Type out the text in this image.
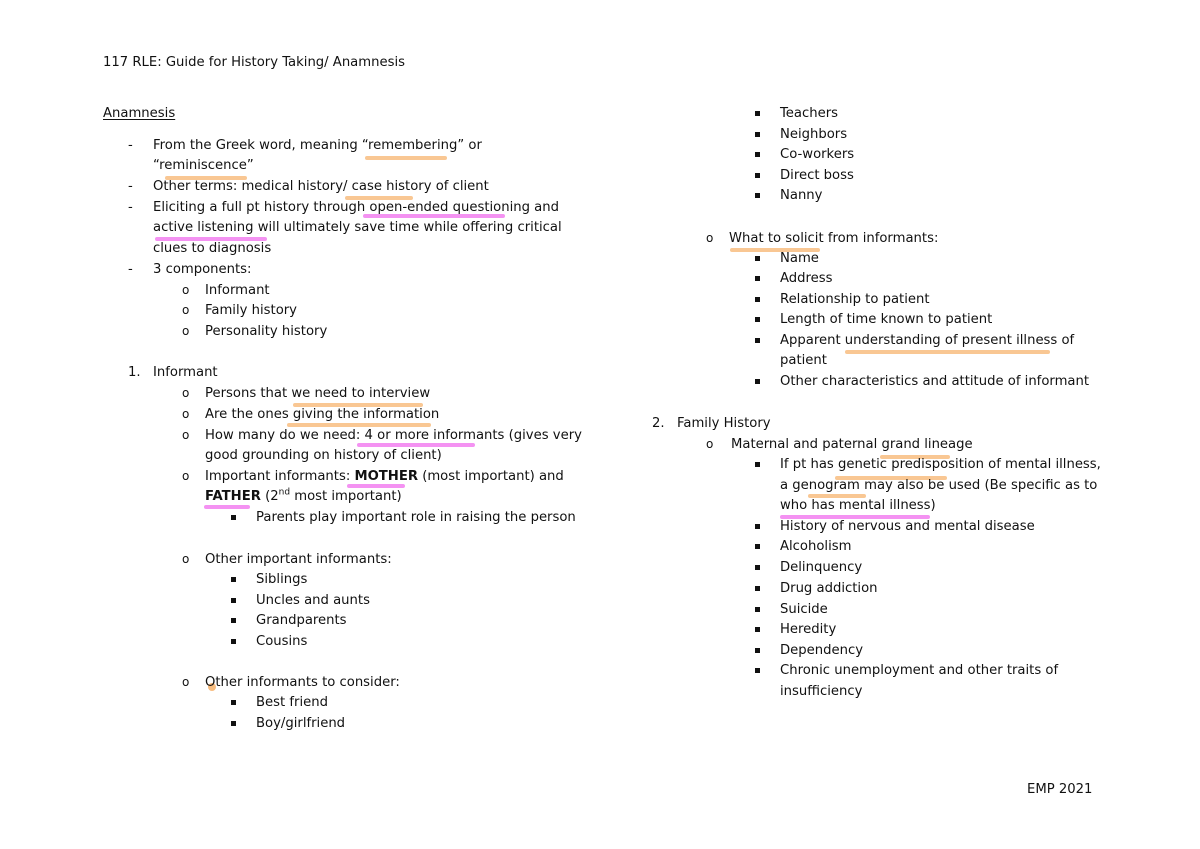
117 RLE: Guide for History Taking/ Anamnesis
Anamnesis
- From the Greek word, meaning “remembering” or
“reminiscence”
- Other terms: medical history/ case history of client
- Eliciting a full pt history through open-ended questioning and
active listening will ultimately save time while offering critical
clues to diagnosis
- 3 components:
o Informant
o Family history
o Personality history
1. Informant
o Persons that we need to interview
o Are the ones giving the information
o How many do we need: 4 or more informants (gives very
good grounding on history of client)
o Important informants: MOTHER (most important) and
FATHER (2nd most important)
Parents play important role in raising the person
o Other important informants:
Siblings
Uncles and aunts
Grandparents
Cousins
o Other informants to consider:
Best friend
Boy/girlfriend
Teachers
Neighbors
Co-workers
Direct boss
Nanny
o What to solicit from informants:
Name
Address
Relationship to patient
Length of time known to patient
Apparent understanding of present illness of
patient
Other characteristics and attitude of informant
2. Family History
o Maternal and paternal grand lineage
If pt has genetic predisposition of mental illness,
a genogram may also be used (Be specific as to
who has mental illness)
History of nervous and mental disease
Alcoholism
Delinquency
Drug addiction
Suicide
Heredity
Dependency
Chronic unemployment and other traits of
insufficiency
EMP 2021
